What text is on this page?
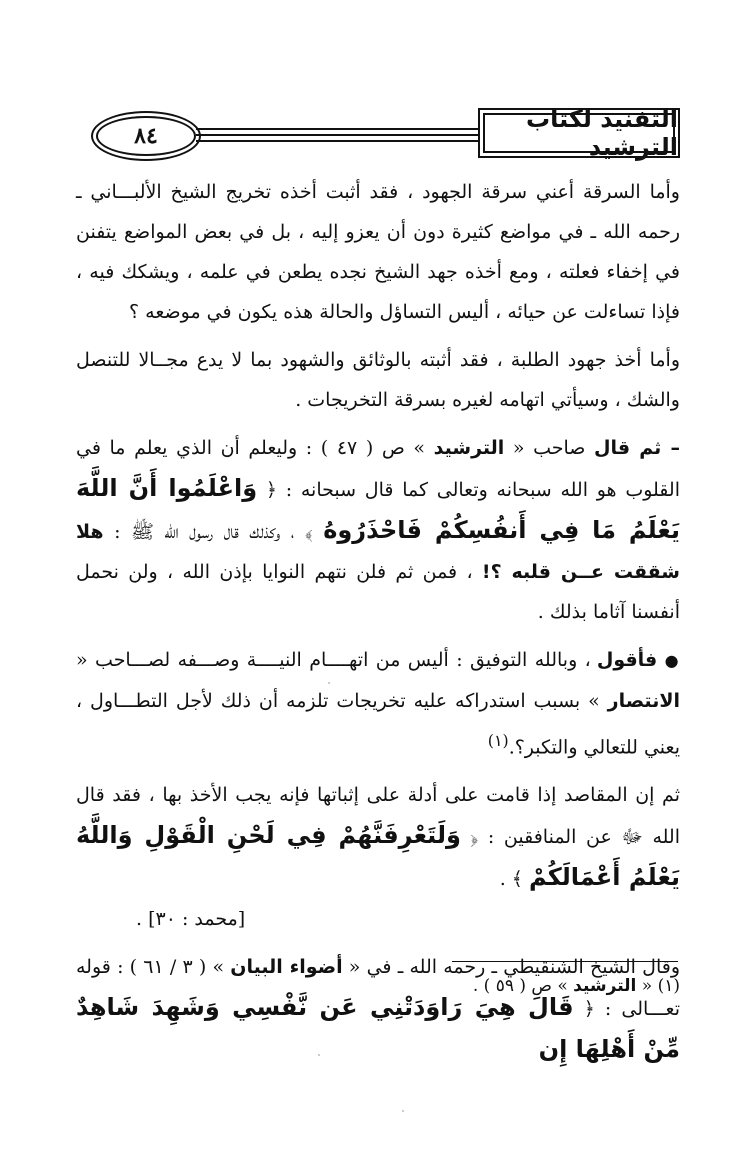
٨٤
التفنيد لكتاب الترشيد

وأما السرقة أعني سرقة الجهود ، فقد أثبت أخذه تخريج الشيخ الألبـــاني ـ رحمه الله ـ في مواضع كثيرة دون أن يعزو إليه ، بل في بعض المواضع يتفنن في إخفاء فعلته ، ومع أخذه جهد الشيخ نجده يطعن في علمه ، ويشكك فيه ، فإذا تساءلت عن حيائه ، أليس التساؤل والحالة هذه يكون في موضعه ؟

وأما أخذ جهود الطلبة ، فقد أثبته بالوثائق والشهود بما لا يدع مجــالا للتنصل والشك ، وسيأتي اتهامه لغيره بسرقة التخريجات .

– ثم قال صاحب « الترشيد » ص ( ٤٧ ) : وليعلم أن الذي يعلم ما في القلوب هو الله سبحانه وتعالى كما قال سبحانه : ﴿ وَاعْلَمُوا أَنَّ اللَّهَ يَعْلَمُ مَا فِي أَنفُسِكُمْ فَاحْذَرُوهُ ﴾ ، وكذلك قال رسول الله ﷺ : هلا شققت عــن قلبه ؟! ، فمن ثم فلن نتهم النوايا بإذن الله ، ولن نحمل أنفسنا آثاما بذلك .

● فأقول ، وبالله التوفيق : أليس من اتهــــام النيــــة وصـــفه لصـــاحب « الانتصار » بسبب استدراكه عليه تخريجات تلزمه أن ذلك لأجل التطـــاول ، يعني للتعالي والتكبر؟.$^{(١)}$

ثم إن المقاصد إذا قامت على أدلة على إثباتها فإنه يجب الأخذ بها ، فقد قال الله ﷻ عن المنافقين : ﴿ وَلَتَعْرِفَنَّهُمْ فِي لَحْنِ الْقَوْلِ وَاللَّهُ يَعْلَمُ أَعْمَالَكُمْ ﴾ .
[محمد : ٣٠] .

وقال الشيخ الشنقيطي ـ رحمه الله ـ في « أضواء البيان » ( ٣ / ٦١ ) : قوله تعـــالى : ﴿ قَالَ هِيَ رَاوَدَتْنِي عَن نَّفْسِي وَشَهِدَ شَاهِدٌ مِّنْ أَهْلِهَا إِن

(١) « الترشيد » ص ( ٥٩ ) .
